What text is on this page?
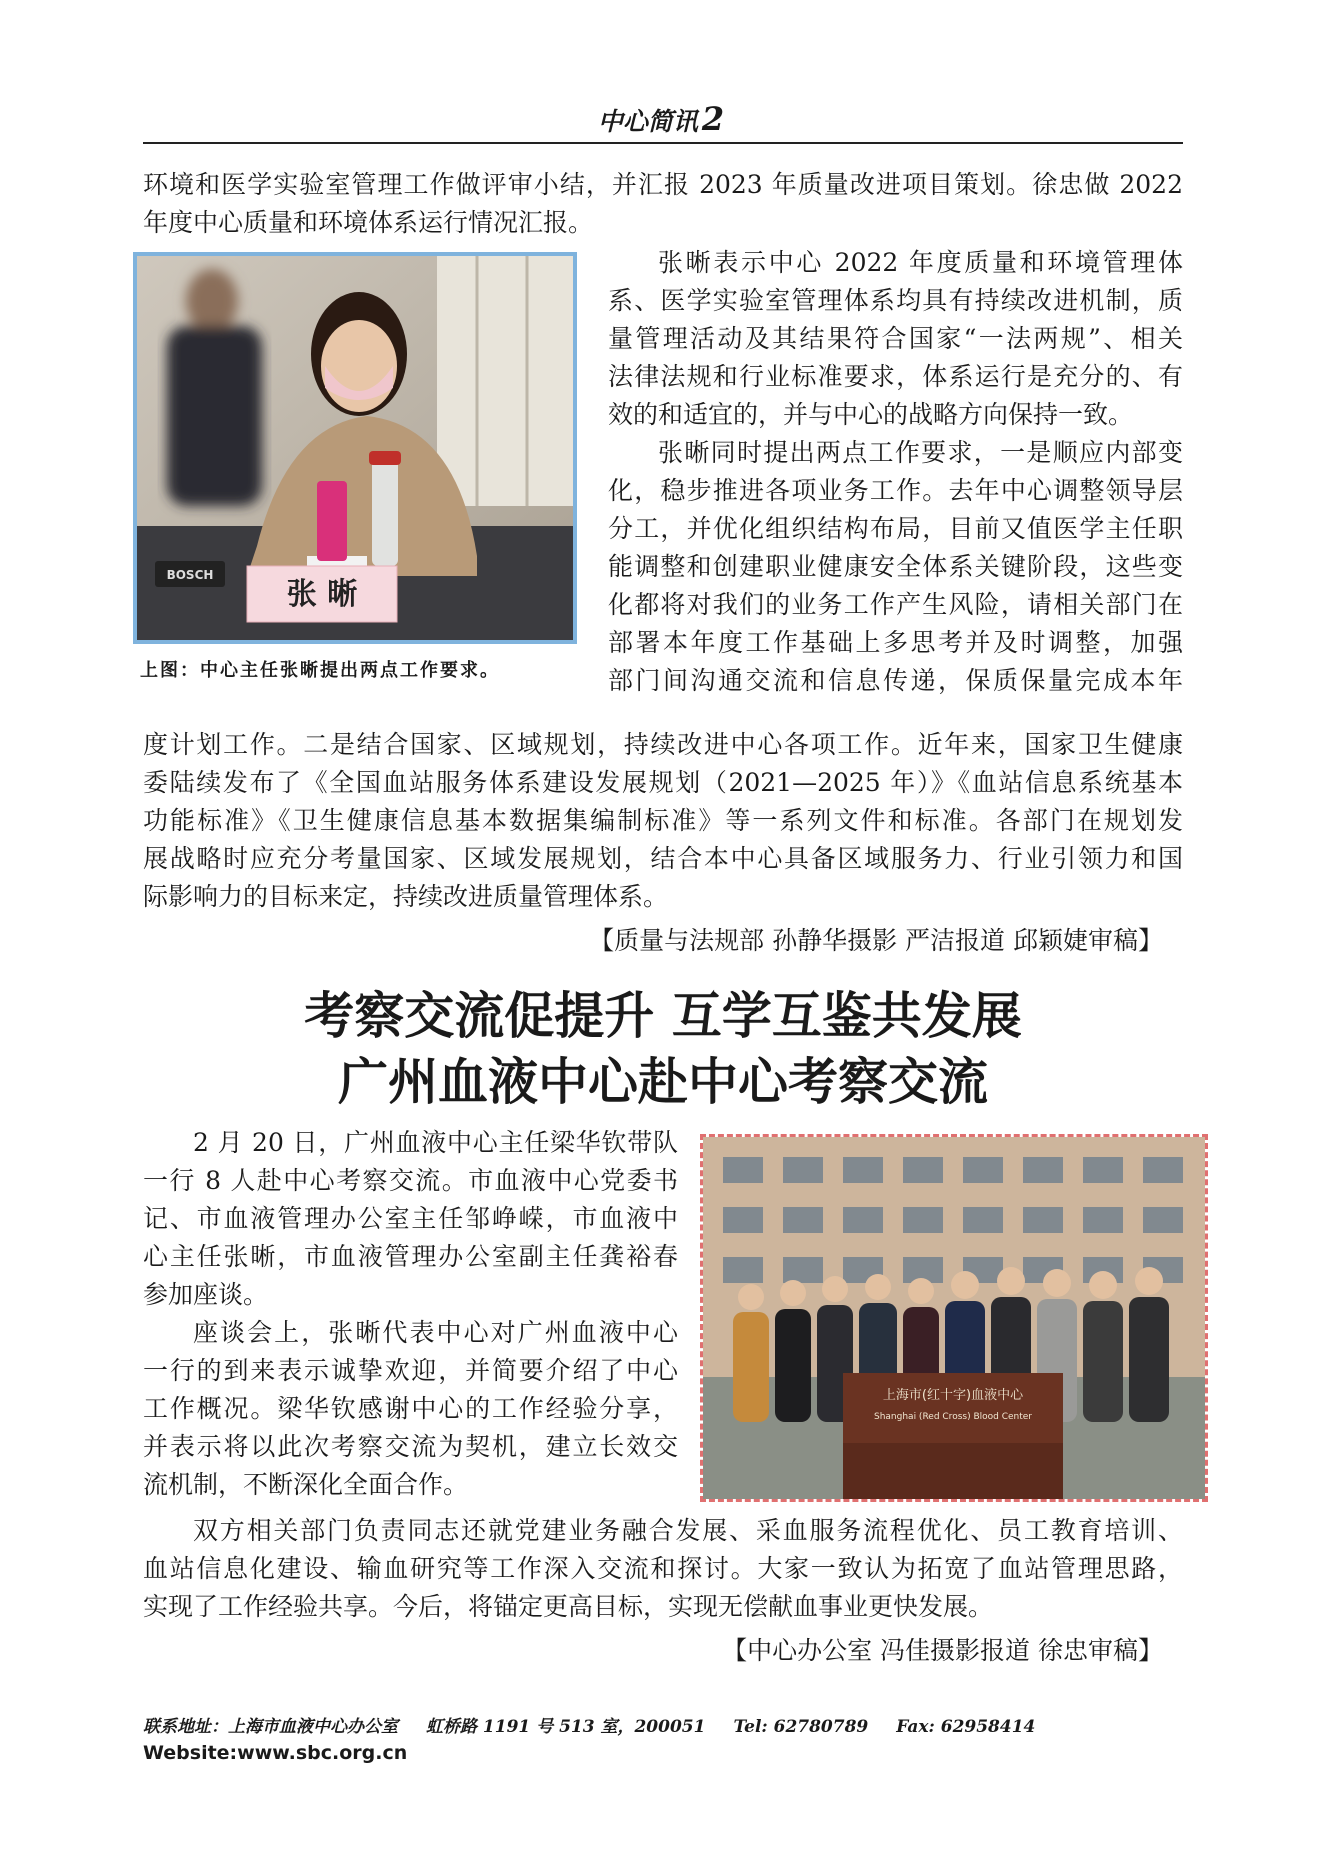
中心简讯 2
环境和医学实验室管理工作做评审小结，并汇报 2023 年质量改进项目策划。徐忠做 2022
年度中心质量和环境体系运行情况汇报。
BOSCH
张 晰
上图：中心主任张晰提出两点工作要求。

张晰表示中心 2022 年度质量和环境管理体

系、医学实验室管理体系均具有持续改进机制，质

量管理活动及其结果符合国家“一法两规”、相关

法律法规和行业标准要求，体系运行是充分的、有

效的和适宜的，并与中心的战略方向保持一致。

张晰同时提出两点工作要求，一是顺应内部变

化，稳步推进各项业务工作。去年中心调整领导层

分工，并优化组织结构布局，目前又值医学主任职

能调整和创建职业健康安全体系关键阶段，这些变

化都将对我们的业务工作产生风险，请相关部门在

部署本年度工作基础上多思考并及时调整，加强

部门间沟通交流和信息传递，保质保量完成本年

度计划工作。二是结合国家、区域规划，持续改进中心各项工作。近年来，国家卫生健康
委陆续发布了《全国血站服务体系建设发展规划（2021—2025 年）》《血站信息系统基本
功能标准》《卫生健康信息基本数据集编制标准》等一系列文件和标准。各部门在规划发
展战略时应充分考量国家、区域发展规划，结合本中心具备区域服务力、行业引领力和国
际影响力的目标来定，持续改进质量管理体系。
【质量与法规部 孙静华摄影 严洁报道 邱颖婕审稿】
考察交流促提升 互学互鉴共发展
广州血液中心赴中心考察交流

2 月 20 日，广州血液中心主任梁华钦带队

一行 8 人赴中心考察交流。市血液中心党委书

记、市血液管理办公室主任邹峥嵘，市血液中

心主任张晰，市血液管理办公室副主任龚裕春

参加座谈。

座谈会上，张晰代表中心对广州血液中心

一行的到来表示诚挚欢迎，并简要介绍了中心

工作概况。梁华钦感谢中心的工作经验分享，

并表示将以此次考察交流为契机，建立长效交

流机制，不断深化全面合作。

上海市(红十字)血液中心
Shanghai (Red Cross) Blood Center
双方相关部门负责同志还就党建业务融合发展、采血服务流程优化、员工教育培训、
血站信息化建设、输血研究等工作深入交流和探讨。大家一致认为拓宽了血站管理思路，
实现了工作经验共享。今后，将锚定更高目标，实现无偿献血事业更快发展。
【中心办公室 冯佳摄影报道 徐忠审稿】
联系地址：上海市血液中心办公室 虹桥路 1191 号 513 室，200051 Tel: 62780789 Fax: 62958414
Website:www.sbc.org.cn
